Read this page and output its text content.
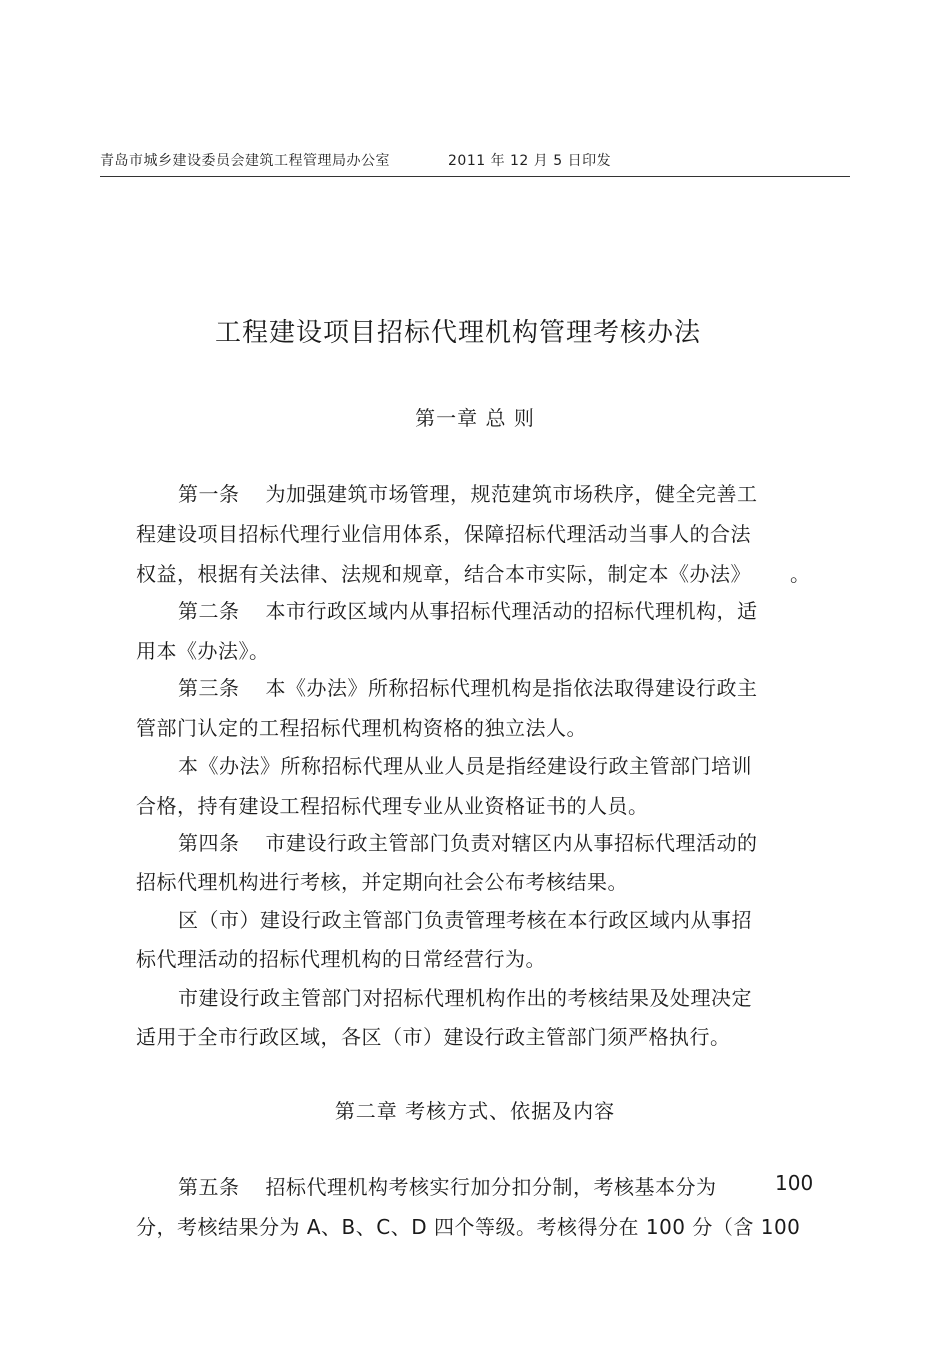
青岛市城乡建设委员会建筑工程管理局办公室	2011 年 12 月 5 日印发
工程建设项目招标代理机构管理考核办法
第一章 总 则
第一条 为加强建筑市场管理，规范建筑市场秩序，健全完善工
程建设项目招标代理行业信用体系，保障招标代理活动当事人的合法
权益，根据有关法律、法规和规章，结合本市实际，制定本《办法》 。
第二条 本市行政区域内从事招标代理活动的招标代理机构，适
用本《办法》。
第三条 本《办法》所称招标代理机构是指依法取得建设行政主
管部门认定的工程招标代理机构资格的独立法人。
本《办法》所称招标代理从业人员是指经建设行政主管部门培训
合格，持有建设工程招标代理专业从业资格证书的人员。
第四条 市建设行政主管部门负责对辖区内从事招标代理活动的
招标代理机构进行考核，并定期向社会公布考核结果。
区（市）建设行政主管部门负责管理考核在本行政区域内从事招
标代理活动的招标代理机构的日常经营行为。
市建设行政主管部门对招标代理机构作出的考核结果及处理决定
适用于全市行政区域，各区（市）建设行政主管部门须严格执行。
第二章 考核方式、依据及内容
第五条 招标代理机构考核实行加分扣分制，考核基本分为	100
分，考核结果分为 A、B、C、D 四个等级。考核得分在 100 分（含 100
